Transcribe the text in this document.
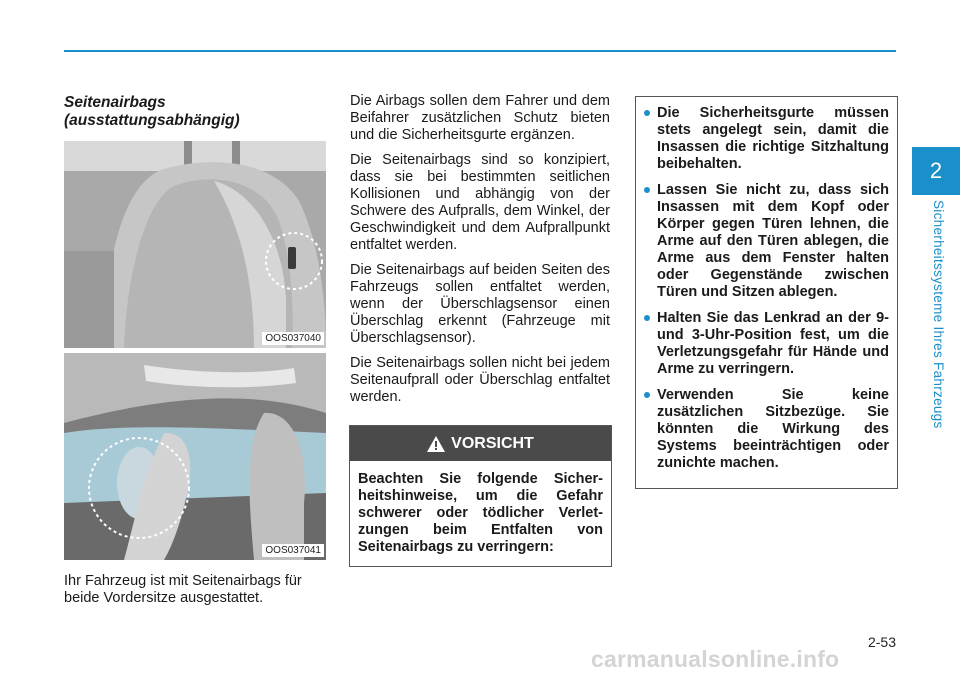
2
Sicherheitssysteme Ihres Fahrzeugs
Seitenairbags (ausstattungsabhängig)
OOS037040
OOS037041
Ihr Fahrzeug ist mit Seitenairbags für beide Vordersitze ausgestattet.

Die Airbags sollen dem Fahrer und dem Beifahrer zusätzlichen Schutz bieten und die Sicherheitsgurte ergänzen.

Die Seitenairbags sind so konzipiert, dass sie bei bestimmten seitlichen Kollisionen und abhängig von der Schwere des Aufpralls, dem Winkel, der Geschwindigkeit und dem Aufprallpunkt entfaltet werden.

Die Seitenairbags auf beiden Seiten des Fahrzeugs sollen entfaltet werden, wenn der Überschlagsensor einen Überschlag erkennt (Fahrzeuge mit Überschlagsensor).

Die Seitenairbags sollen nicht bei jedem Seitenaufprall oder Überschlag entfaltet werden.

VORSICHT
Beachten Sie folgende Sicher-heitshinweise, um die Gefahr schwerer oder tödlicher Verlet-zungen beim Entfalten von Seitenairbags zu verringern:
Die Sicherheitsgurte müssen stets angelegt sein, damit die Insassen die richtige Sitzhaltung beibehalten.
Lassen Sie nicht zu, dass sich Insassen mit dem Kopf oder Körper gegen Türen lehnen, die Arme auf den Türen ablegen, die Arme aus dem Fenster halten oder Gegenstände zwischen Türen und Sitzen ablegen.
Halten Sie das Lenkrad an der 9- und 3-Uhr-Position fest, um die Verletzungsgefahr für Hände und Arme zu verringern.
Verwenden Sie keine zusätzlichen Sitzbezüge. Sie könnten die Wirkung des Systems beeinträchtigen oder zunichte machen.
2-53
carmanualsonline.info
